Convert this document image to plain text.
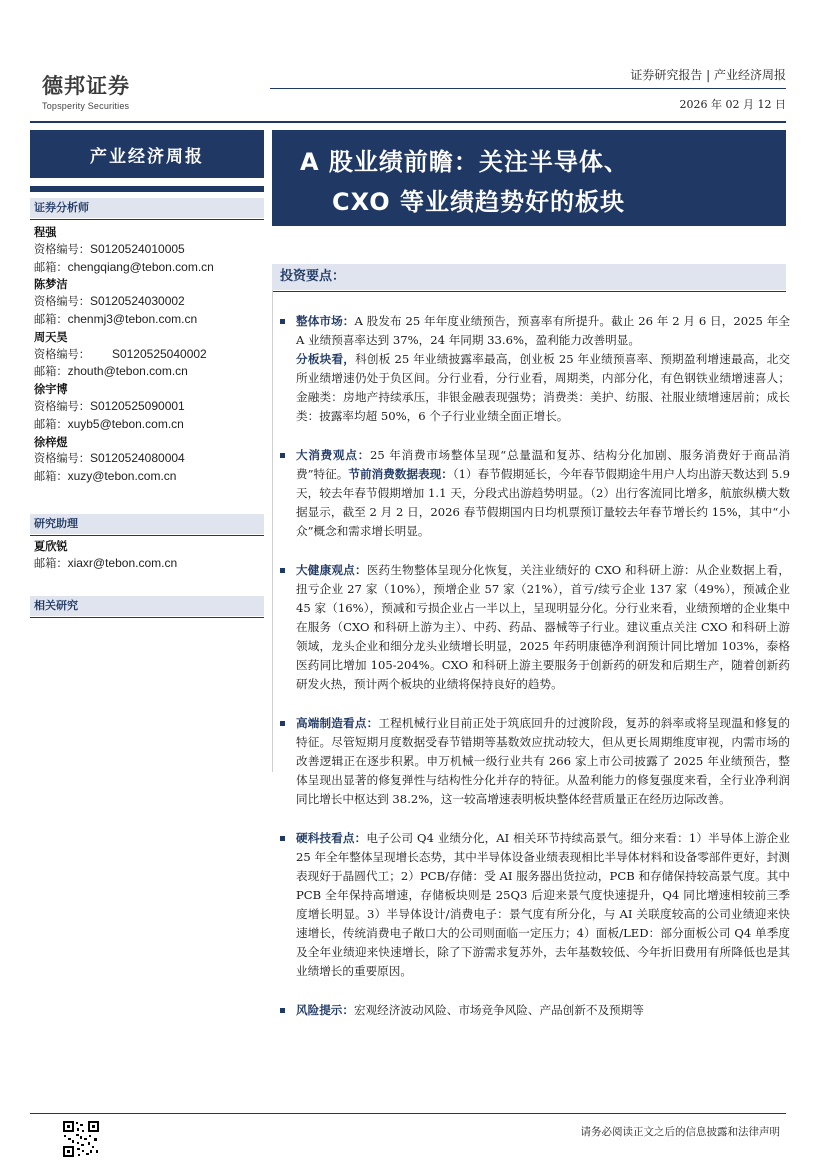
德邦证券
Topsperity Securities
证券研究报告 | 产业经济周报
2026 年 02 月 12 日
产业经济周报	A 股业绩前瞻：关注半导体、
CXO 等业绩趋势好的板块
证券分析师
程强
资格编号：S0120524010005
邮箱：chengqiang@tebon.com.cn
陈梦洁
资格编号：S0120524030002
邮箱：chenmj3@tebon.com.cn
周天昊
资格编号： S0120525040002
邮箱：zhouth@tebon.com.cn
徐宇博
资格编号：S0120525090001
邮箱：xuyb5@tebon.com.cn
徐梓煜
资格编号：S0120524080004
邮箱：xuzy@tebon.com.cn
研究助理
夏欣锐
邮箱：xiaxr@tebon.com.cn
相关研究
投资要点：
整体市场：A 股发布 25 年年度业绩预告，预喜率有所提升。截止 26 年 2 月 6 日，2025 年全 A 业绩预喜率达到 37%，24 年同期 33.6%，盈利能力改善明显。
分板块看，科创板 25 年业绩披露率最高，创业板 25 年业绩预喜率、预期盈利增速最高，北交所业绩增速仍处于负区间。分行业看，分行业看，周期类，内部分化，有色钢铁业绩增速喜人；金融类：房地产持续承压，非银金融表现强势；消费类：美护、纺服、社服业绩增速居前；成长类：披露率均超 50%，6 个子行业业绩全面正增长。
大消费观点：25 年消费市场整体呈现“总量温和复苏、结构分化加剧、服务消费好于商品消费”特征。节前消费数据表现：（1）春节假期延长，今年春节假期途牛用户人均出游天数达到 5.9 天，较去年春节假期增加 1.1 天，分段式出游趋势明显。（2）出行客流同比增多，航旅纵横大数据显示，截至 2 月 2 日，2026 春节假期国内日均机票预订量较去年春节增长约 15%，其中“小众”概念和需求增长明显。
大健康观点：医药生物整体呈现分化恢复，关注业绩好的 CXO 和科研上游：从企业数据上看，扭亏企业 27 家（10%），预增企业 57 家（21%），首亏/续亏企业 137 家（49%），预减企业 45 家（16%），预减和亏损企业占一半以上，呈现明显分化。分行业来看，业绩预增的企业集中在服务（CXO 和科研上游为主）、中药、药品、器械等子行业。建议重点关注 CXO 和科研上游领域，龙头企业和细分龙头业绩增长明显，2025 年药明康德净利润预计同比增加 103%，泰格医药同比增加 105-204%。CXO 和科研上游主要服务于创新药的研发和后期生产，随着创新药研发火热，预计两个板块的业绩将保持良好的趋势。
高端制造看点：工程机械行业目前正处于筑底回升的过渡阶段，复苏的斜率或将呈现温和修复的特征。尽管短期月度数据受春节错期等基数效应扰动较大，但从更长周期维度审视，内需市场的改善逻辑正在逐步积累。申万机械一级行业共有 266 家上市公司披露了 2025 年业绩预告，整体呈现出显著的修复弹性与结构性分化并存的特征。从盈利能力的修复强度来看，全行业净利润同比增长中枢达到 38.2%，这一较高增速表明板块整体经营质量正在经历边际改善。
硬科技看点：电子公司 Q4 业绩分化，AI 相关环节持续高景气。细分来看：1）半导体上游企业 25 年全年整体呈现增长态势，其中半导体设备业绩表现相比半导体材料和设备零部件更好，封测表现好于晶圆代工；2）PCB/存储：受 AI 服务器出货拉动，PCB 和存储保持较高景气度。其中 PCB 全年保持高增速，存储板块则是 25Q3 后迎来景气度快速提升，Q4 同比增速相较前三季度增长明显。3）半导体设计/消费电子：景气度有所分化，与 AI 关联度较高的公司业绩迎来快速增长，传统消费电子敞口大的公司则面临一定压力；4）面板/LED：部分面板公司 Q4 单季度及全年业绩迎来快速增长，除了下游需求复苏外，去年基数较低、今年折旧费用有所降低也是其业绩增长的重要原因。
风险提示：宏观经济波动风险、市场竞争风险、产品创新不及预期等
请务必阅读正文之后的信息披露和法律声明
